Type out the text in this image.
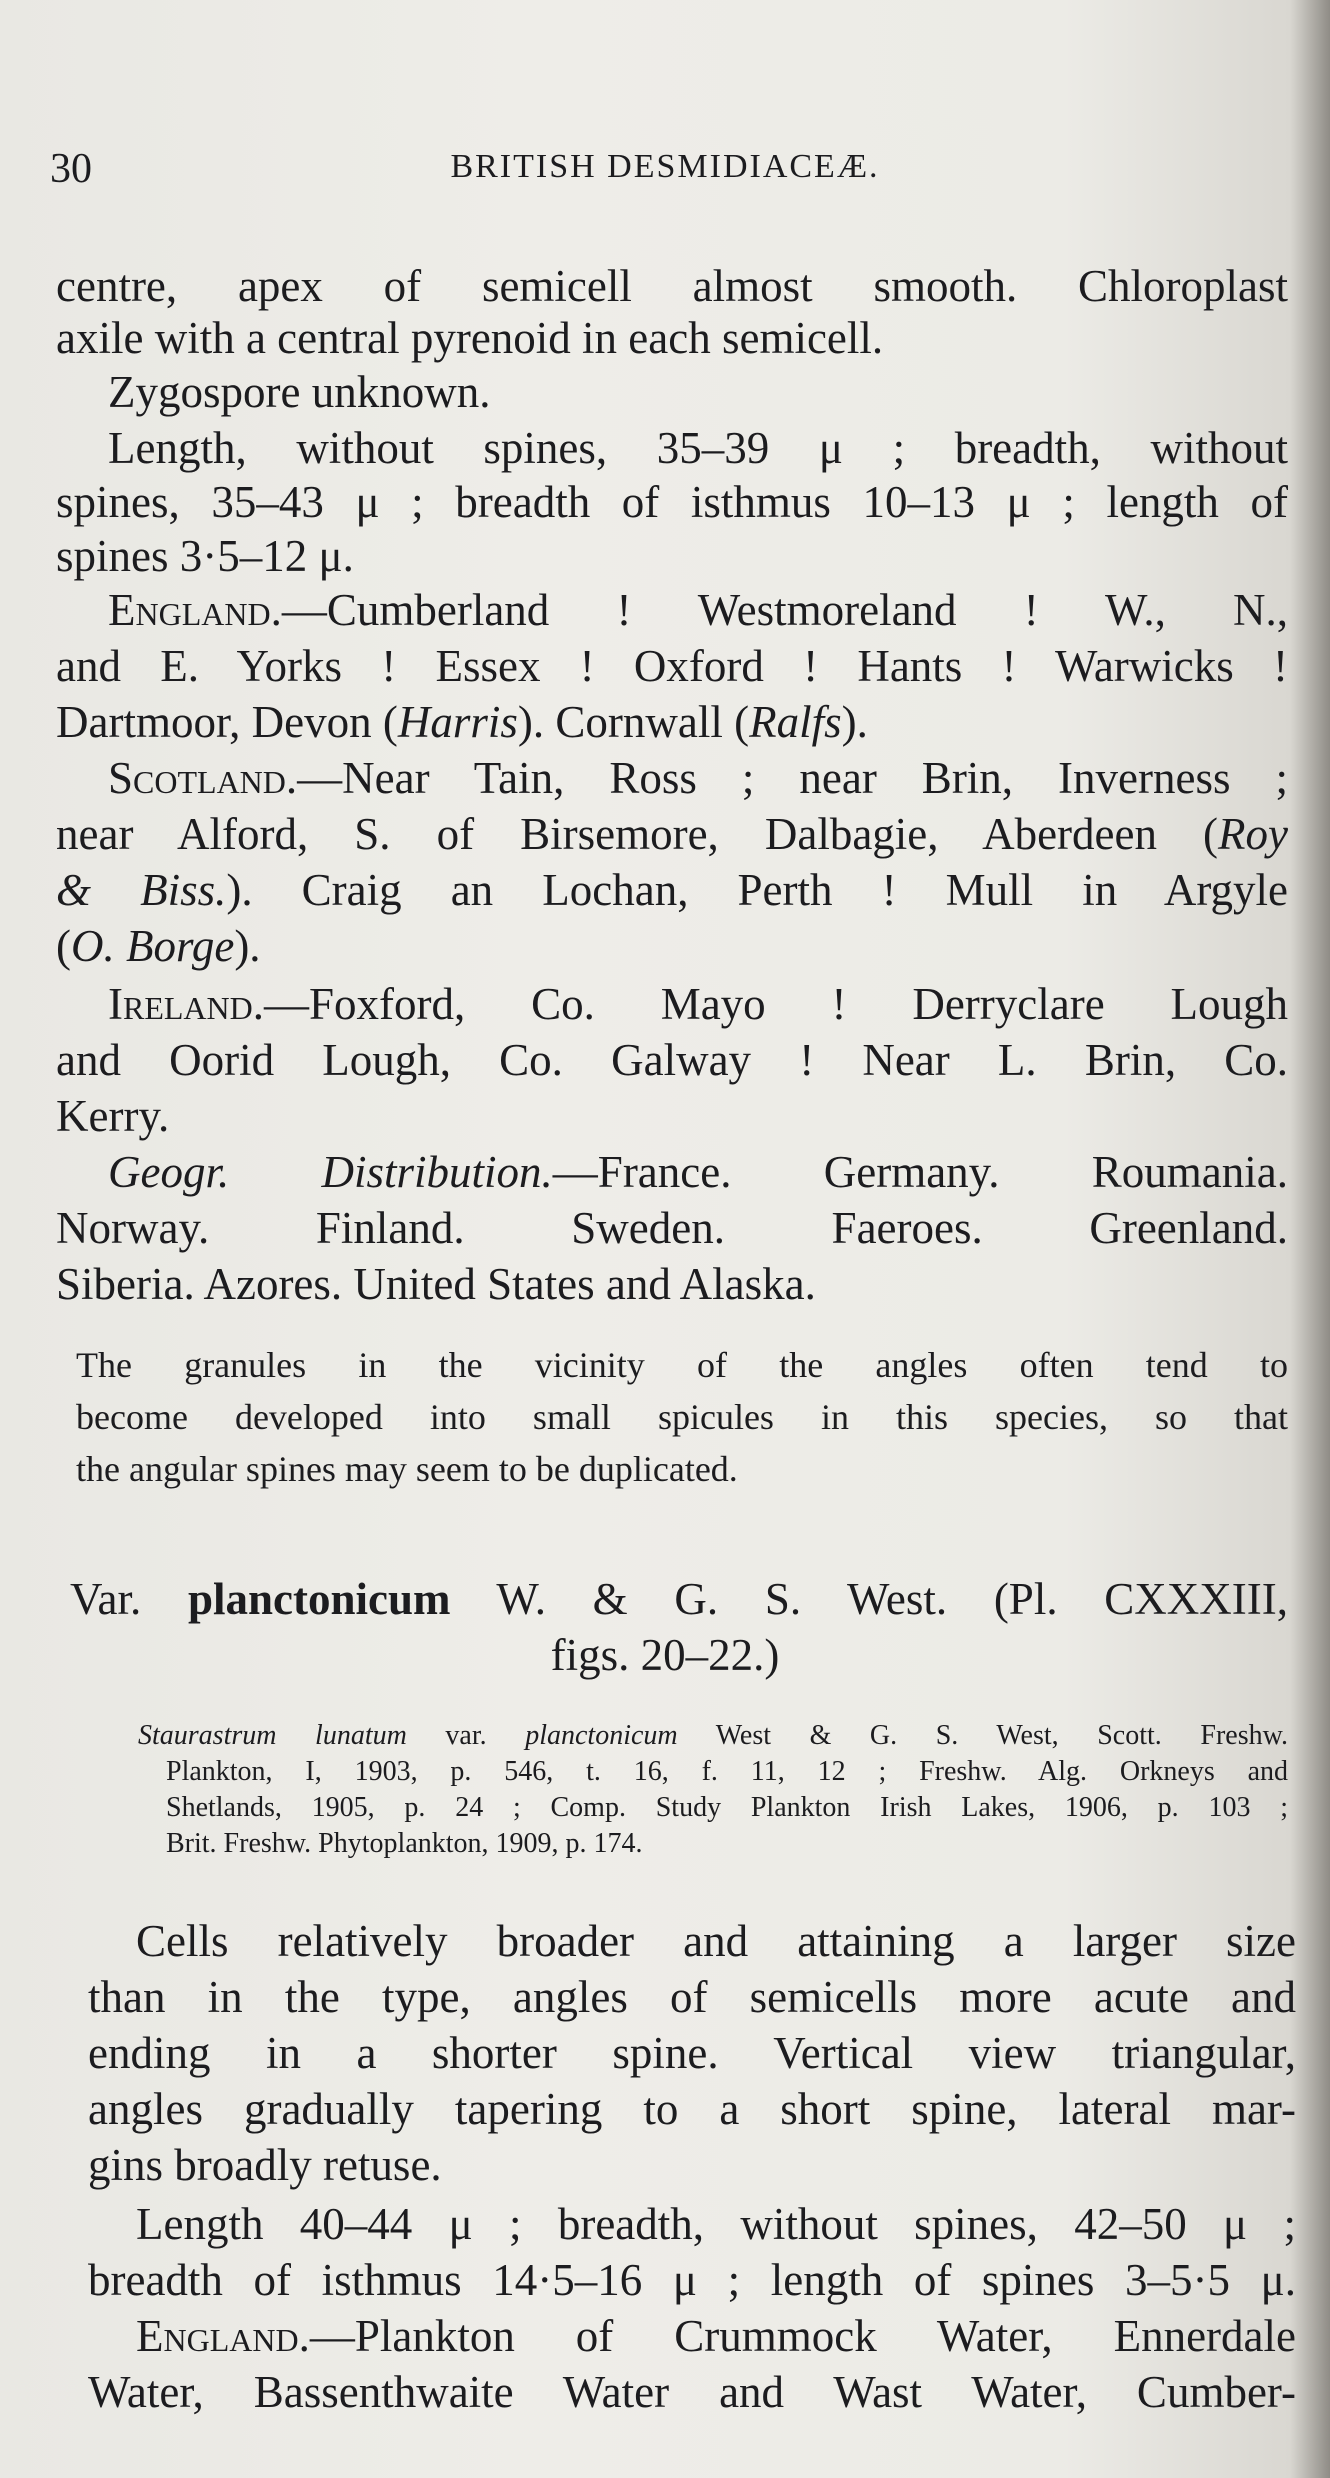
30	BRITISH DESMIDIACEÆ.
centre, apex of semicell almost smooth. Chloroplast
axile with a central pyrenoid in each semicell.
Zygospore unknown.
Length, without spines, 35–39 μ ; breadth, without
spines, 35–43 μ ; breadth of isthmus 10–13 μ ; length of
spines 3·5–12 μ.
England.—Cumberland ! Westmoreland ! W., N.,
and E. Yorks ! Essex ! Oxford ! Hants ! Warwicks !
Dartmoor, Devon (Harris). Cornwall (Ralfs).
Scotland.—Near Tain, Ross ; near Brin, Inverness ;
near Alford, S. of Birsemore, Dalbagie, Aberdeen (Roy
& Biss.). Craig an Lochan, Perth ! Mull in Argyle
(O. Borge).
Ireland.—Foxford, Co. Mayo ! Derryclare Lough
and Oorid Lough, Co. Galway ! Near L. Brin, Co.
Kerry.
Geogr. Distribution.—France. Germany. Roumania.
Norway. Finland. Sweden. Faeroes. Greenland.
Siberia. Azores. United States and Alaska.
The granules in the vicinity of the angles often tend to
become developed into small spicules in this species, so that
the angular spines may seem to be duplicated.
Var. planctonicum W. & G. S. West. (Pl. CXXXIII,
figs. 20–22.)
Staurastrum lunatum var. planctonicum West & G. S. West, Scott. Freshw.
Plankton, I, 1903, p. 546, t. 16, f. 11, 12 ; Freshw. Alg. Orkneys and
Shetlands, 1905, p. 24 ; Comp. Study Plankton Irish Lakes, 1906, p. 103 ;
Brit. Freshw. Phytoplankton, 1909, p. 174.
Cells relatively broader and attaining a larger size
than in the type, angles of semicells more acute and
ending in a shorter spine. Vertical view triangular,
angles gradually tapering to a short spine, lateral mar-
gins broadly retuse.
Length 40–44 μ ; breadth, without spines, 42–50 μ ;
breadth of isthmus 14·5–16 μ ; length of spines 3–5·5 μ.
England.—Plankton of Crummock Water, Ennerdale
Water, Bassenthwaite Water and Wast Water, Cumber-
